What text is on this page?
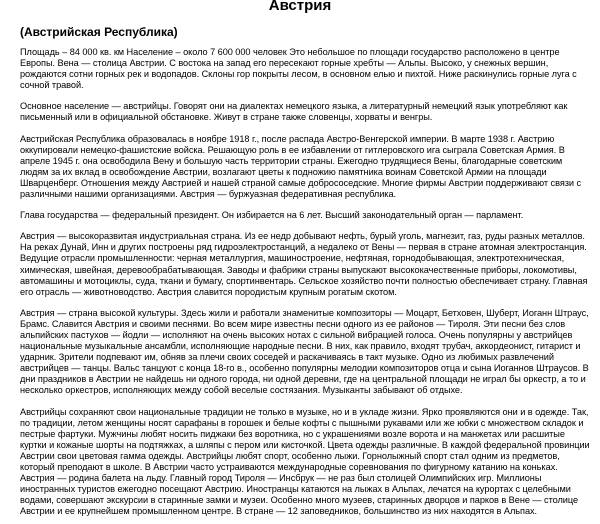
Австрия
(Австрийская Республика)

Площадь – 84 000 кв. км Население – около 7 600 000 человек Это небольшое по площади государство расположено в центре Европы. Вена — столица Австрии. С востока на запад его пересекают горные хребты — Альпы. Высоко, у снежных вершин, рождаются сотни горных рек и водопадов. Склоны гор покрыты лесом, в основном елью и пихтой. Ниже раскинулись горные луга с сочной травой.

Основное население — австрийцы. Говорят они на диалектах немецкого языка, а литературный немецкий язык употребляют как письменный или в официальной обстановке. Живут в стране также словенцы, хорваты и венгры.

Австрийская Республика образовалась в ноябре 1918 г., после распада Австро-Венгерской империи. В марте 1938 г. Австрию оккупировали немецко-фашистские войска. Решающую роль в ее избавлении от гитлеровского ига сыграла Советская Армия. В апреле 1945 г. она освободила Вену и большую часть территории страны. Ежегодно трудящиеся Вены, благодарные советским людям за их вклад в освобождение Австрии, возлагают цветы к подножию памятника воинам Советской Армии на площади Шварценберг. Отношения между Австрией и нашей страной самые добрососедские. Многие фирмы Австрии поддерживают связи с различными нашими организациями. Австрия — буржуазная федеративная республика.

Глава государства — федеральный президент. Он избирается на 6 лет. Высший законодательный орган — парламент.

Австрия — высокоразвитая индустриальная страна. Из ее недр добывают нефть, бурый уголь, магнезит, газ, руды разных металлов. На реках Дунай, Инн и других построены ряд гидроэлектростанций, а недалеко от Вены — первая в стране атомная электростанция. Ведущие отрасли промышленности: черная металлургия, машиностроение, нефтяная, горнодобывающая, электротехническая, химическая, швейная, деревообрабатывающая. Заводы и фабрики страны выпускают высококачественные приборы, локомотивы, автомашины и мотоциклы, суда, ткани и бумагу, спортинвентарь. Сельское хозяйство почти полностью обеспечивает страну. Главная его отрасль — животноводство. Австрия славится породистым крупным рогатым скотом.

Австрия — страна высокой культуры. Здесь жили и работали знаменитые композиторы — Моцарт, Бетховен, Шуберт, Иоганн Штраус, Брамс. Славится Австрия и своими песнями. Во всем мире известны песни одного из ее районов — Тироля. Эти песни без слов альпийских пастухов — йодли — исполняют на очень высоких нотах с сильной вибрацией голоса. Очень популярны у австрийцев национальные музыкальные ансамбли, исполняющие народные песни. В них, как правило, входят трубач, аккордеонист, гитарист и ударник. Зрители подпевают им, обняв за плечи своих соседей и раскачиваясь в такт музыке. Одно из любимых развлечений австрийцев — танцы. Вальс танцуют с конца 18-го в., особенно популярны мелодии композиторов отца и сына Иоганнов Штраусов. В дни праздников в Австрии не найдешь ни одного города, ни одной деревни, где на центральной площади не играл бы оркестр, а то и несколько оркестров, исполняющих между собой веселые состязания. Музыканты забывают об отдыхе.

Австрийцы сохраняют свои национальные традиции не только в музыке, но и в укладе жизни. Ярко проявляются они и в одежде. Так, по традиции, летом женщины носят сарафаны в горошек и белые кофты с пышными рукавами или же юбки с множеством складок и пестрые фартуки. Мужчины любят носить пиджаки без воротника, но с украшениями возле ворота и на манжетах или расшитые куртки и кожаные шорты на подтяжках, а шляпы с пером или кисточкой. Цвета одежды различные. В каждой федеральной провинции Австрии свои цветовая гамма одежды. Австрийцы любят спорт, особенно лыжи. Горнолыжный спорт стал одним из предметов, который преподают в школе. В Австрии часто устраиваются международные соревнования по фигурному катанию на коньках. Австрия — родина балета на льду. Главный город Тироля — Инсбрук — не раз был столицей Олимпийских игр. Миллионы иностранных туристов ежегодно посещают Австрию. Иностранцы катаются на лыжах в Альпах, лечатся на курортах с целебными водами, совершают экскурсии в старинные замки и музеи. Особенно много музеев, старинных дворцов и парков в Вене — столице Австрии и ее крупнейшем промышленном центре. В стране — 12 заповедников, большинство из них находятся в Альпах.
